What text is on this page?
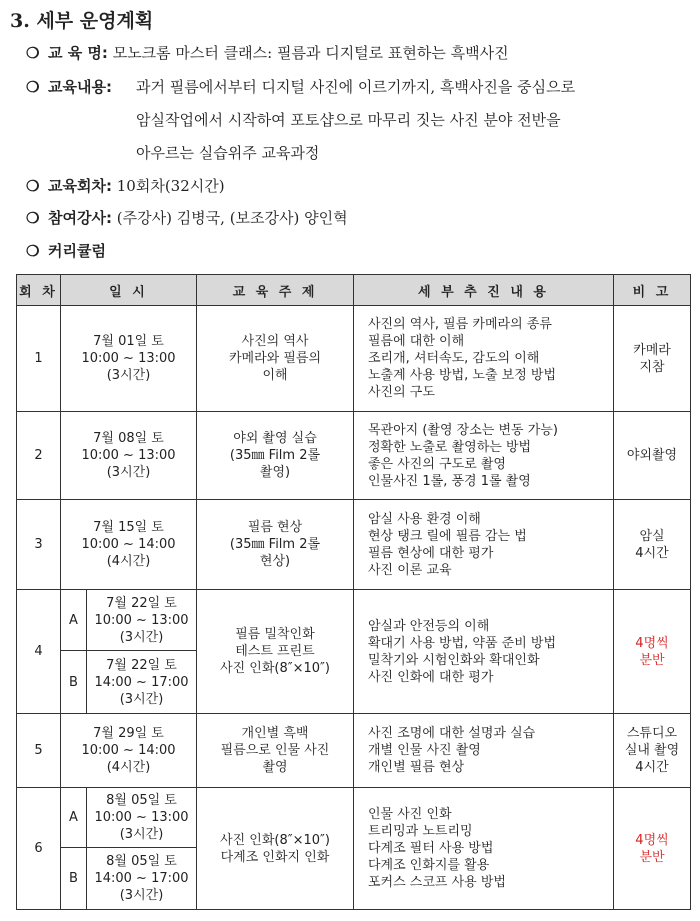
3. 세부 운영계획
❍ 교 육 명: 모노크롬 마스터 클래스: 필름과 디지털로 표현하는 흑백사진
❍ 교육내용: 과거 필름에서부터 디지털 사진에 이르기까지, 흑백사진을 중심으로
암실작업에서 시작하여 포토샵으로 마무리 짓는 사진 분야 전반을
아우르는 실습위주 교육과정
❍ 교육회차: 10회차(32시간)
❍ 참여강사: (주강사) 김병국, (보조강사) 양인혁
❍ 커리큘럼
회 차	일 시		교 육 주 제	세 부 추 진 내 용	비 고
1	7월 01일 토
10:00 ~ 13:00
(3시간)		사진의 역사
카메라와 필름의
이해	사진의 역사, 필름 카메라의 종류
필름에 대한 이해
조리개, 셔터속도, 감도의 이해
노출계 사용 방법, 노출 보정 방법
사진의 구도	카메라
지참

2	7월 08일 토
10:00 ~ 13:00
(3시간)		야외 촬영 실습
(35㎜ Film 2롤
촬영)	목관아지 (촬영 장소는 변동 가능)
정확한 노출로 촬영하는 방법
좋은 사진의 구도로 촬영
인물사진 1롤, 풍경 1롤 촬영	야외촬영

3	7월 15일 토
10:00 ~ 14:00
(4시간)		필름 현상
(35㎜ Film 2롤
현상)	암실 사용 환경 이해
현상 탱크 릴에 필름 감는 법
필름 현상에 대한 평가
사진 이론 교육	암실
4시간

4	A	7월 22일 토
10:00 ~ 13:00
(3시간)	필름 밀착인화
테스트 프린트
사진 인화(8″×10″)	암실과 안전등의 이해
확대기 사용 방법, 약품 준비 방법
밀착기와 시험인화와 확대인화
사진 인화에 대한 평가	4명씩
분반

	B	7월 22일 토
14:00 ~ 17:00
(3시간)			

5	7월 29일 토
10:00 ~ 14:00
(4시간)		개인별 흑백
필름으로 인물 사진
촬영	사진 조명에 대한 설명과 실습
개별 인물 사진 촬영
개인별 필름 현상	스튜디오
실내 촬영
4시간

6	A	8월 05일 토
10:00 ~ 13:00
(3시간)	사진 인화(8″×10″)
다계조 인화지 인화	인물 사진 인화
트리밍과 노트리밍
다계조 필터 사용 방법
다계조 인화지를 활용
포커스 스코프 사용 방법	4명씩
분반

	B	8월 05일 토
14:00 ~ 17:00
(3시간)			
